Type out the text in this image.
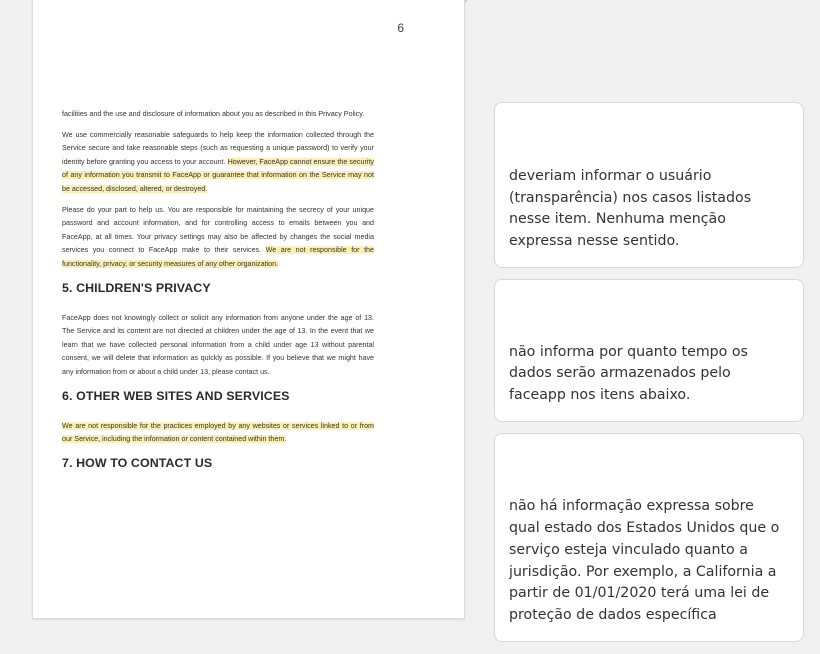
6

facilities and the use and disclosure of information about you as described in this Privacy Policy.

We use commercially reasonable safeguards to help keep the information collected through the Service secure and take reasonable steps (such as requesting a unique password) to verify your identity before granting you access to your account. However, FaceApp cannot ensure the security of any information you transmit to FaceApp or guarantee that information on the Service may not be accessed, disclosed, altered, or destroyed.

Please do your part to help us. You are responsible for maintaining the secrecy of your unique password and account information, and for controlling access to emails between you and FaceApp, at all times. Your privacy settings may also be affected by changes the social media services you connect to FaceApp make to their services. We are not responsible for the functionality, privacy, or security measures of any other organization.

5. CHILDREN'S PRIVACY

FaceApp does not knowingly collect or solicit any information from anyone under the age of 13. The Service and its content are not directed at children under the age of 13. In the event that we learn that we have collected personal information from a child under age 13 without parental consent, we will delete that information as quickly as possible. If you believe that we might have any information from or about a child under 13, please contact us.

6. OTHER WEB SITES AND SERVICES

We are not responsible for the practices employed by any websites or services linked to or from our Service, including the information or content contained within them.

7. HOW TO CONTACT US
deveriam informar o usuário (transparência) nos casos listados nesse item. Nenhuma menção expressa nesse sentido.
não informa por quanto tempo os dados serão armazenados pelo faceapp nos itens abaixo.
não há informação expressa sobre qual estado dos Estados Unidos que o serviço esteja vinculado quanto a jurisdição. Por exemplo, a California a partir de 01/01/2020 terá uma lei de proteção de dados específica
